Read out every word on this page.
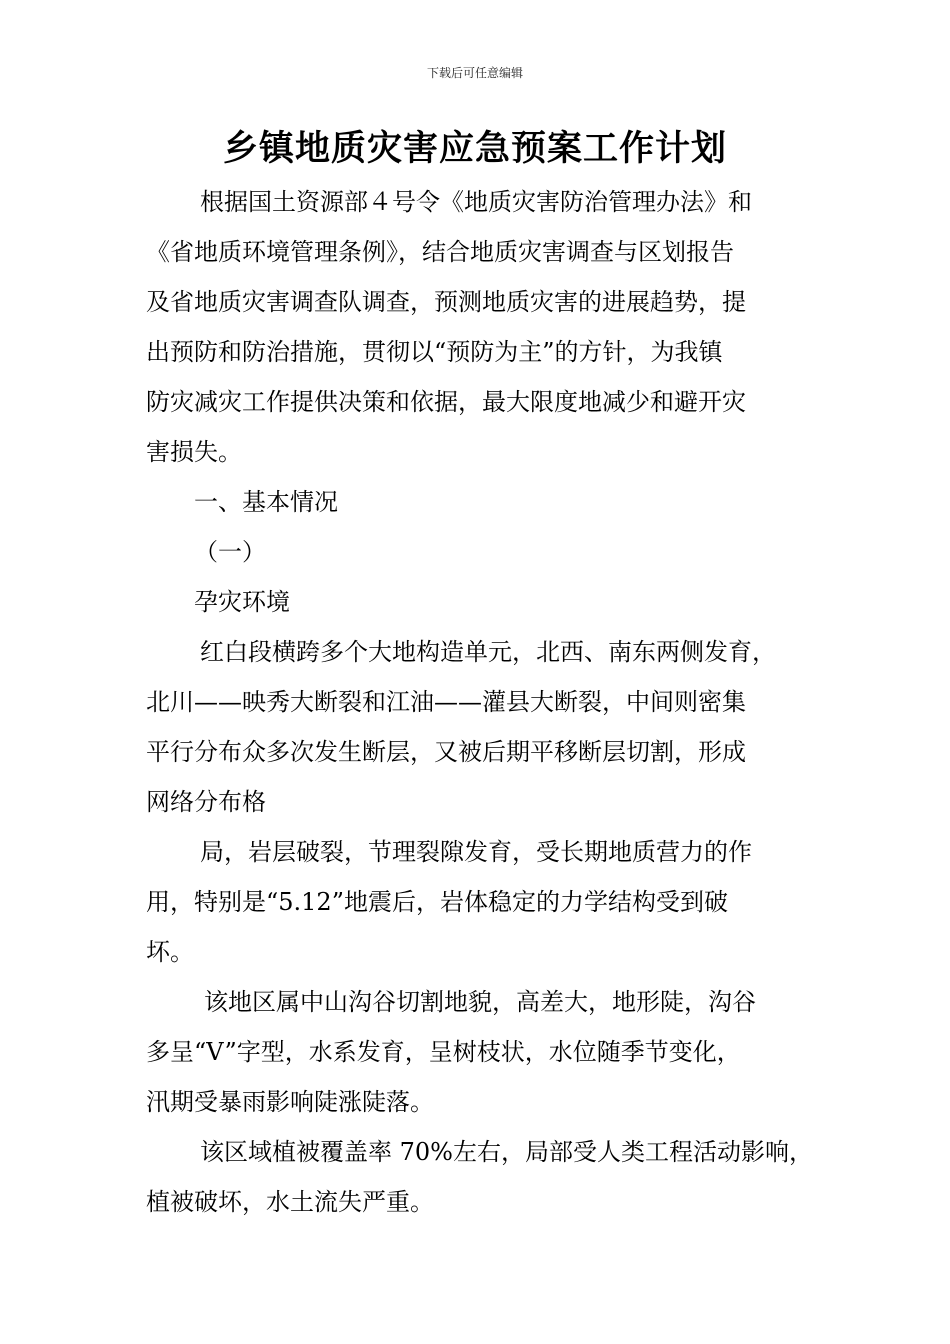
下载后可任意编辑
乡镇地质灾害应急预案工作计划
根据国土资源部４号令《地质灾害防治管理办法》和
《省地质环境管理条例》，结合地质灾害调查与区划报告
及省地质灾害调查队调查，预测地质灾害的进展趋势，提
出预防和防治措施，贯彻以“预防为主”的方针，为我镇
防灾减灾工作提供决策和依据，最大限度地减少和避开灾
害损失。
一、基本情况
（一）
孕灾环境
红白段横跨多个大地构造单元，北西、南东两侧发育，
北川——映秀大断裂和江油——灌县大断裂，中间则密集
平行分布众多次发生断层，又被后期平移断层切割，形成
网络分布格
局，岩层破裂，节理裂隙发育，受长期地质营力的作
用，特别是“5.12”地震后，岩体稳定的力学结构受到破
坏。
该地区属中山沟谷切割地貌，高差大，地形陡，沟谷
多呈“V”字型，水系发育，呈树枝状，水位随季节变化，
汛期受暴雨影响陡涨陡落。
该区域植被覆盖率 70%左右，局部受人类工程活动影响，
植被破坏，水土流失严重。
